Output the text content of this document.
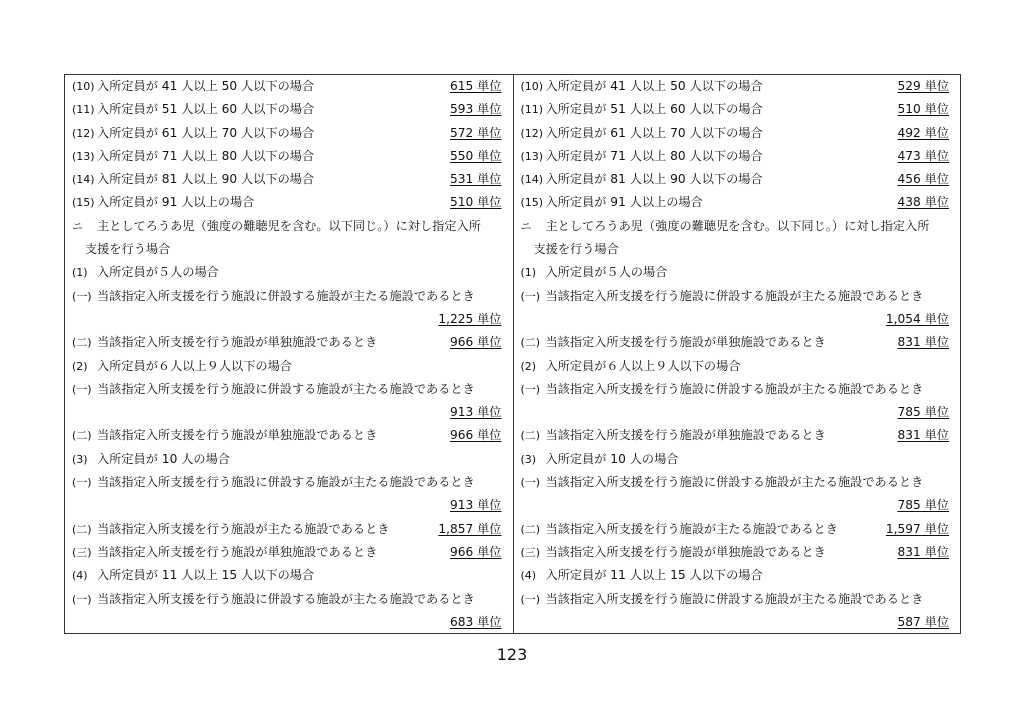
(10) 入所定員が 41 人以上 50 人以下の場合	615 単位
(11) 入所定員が 51 人以上 60 人以下の場合	593 単位
(12) 入所定員が 61 人以上 70 人以下の場合	572 単位
(13) 入所定員が 71 人以上 80 人以下の場合	550 単位
(14) 入所定員が 81 人以上 90 人以下の場合	531 単位
(15) 入所定員が 91 人以上の場合	510 単位
ニ 主としてろうあ児（強度の難聴児を含む。以下同じ。）に対し指定入所
支援を行う場合
(1) 入所定員が５人の場合
(一) 当該指定入所支援を行う施設に併設する施設が主たる施設であるとき
1,225 単位
(二) 当該指定入所支援を行う施設が単独施設であるとき	966 単位
(2) 入所定員が６人以上９人以下の場合
(一) 当該指定入所支援を行う施設に併設する施設が主たる施設であるとき
913 単位
(二) 当該指定入所支援を行う施設が単独施設であるとき	966 単位
(3) 入所定員が 10 人の場合
(一) 当該指定入所支援を行う施設に併設する施設が主たる施設であるとき
913 単位
(二) 当該指定入所支援を行う施設が主たる施設であるとき	1,857 単位
(三) 当該指定入所支援を行う施設が単独施設であるとき	966 単位
(4) 入所定員が 11 人以上 15 人以下の場合
(一) 当該指定入所支援を行う施設に併設する施設が主たる施設であるとき
683 単位
(10) 入所定員が 41 人以上 50 人以下の場合	529 単位
(11) 入所定員が 51 人以上 60 人以下の場合	510 単位
(12) 入所定員が 61 人以上 70 人以下の場合	492 単位
(13) 入所定員が 71 人以上 80 人以下の場合	473 単位
(14) 入所定員が 81 人以上 90 人以下の場合	456 単位
(15) 入所定員が 91 人以上の場合	438 単位
ニ 主としてろうあ児（強度の難聴児を含む。以下同じ。）に対し指定入所
支援を行う場合
(1) 入所定員が５人の場合
(一) 当該指定入所支援を行う施設に併設する施設が主たる施設であるとき
1,054 単位
(二) 当該指定入所支援を行う施設が単独施設であるとき	831 単位
(2) 入所定員が６人以上９人以下の場合
(一) 当該指定入所支援を行う施設に併設する施設が主たる施設であるとき
785 単位
(二) 当該指定入所支援を行う施設が単独施設であるとき	831 単位
(3) 入所定員が 10 人の場合
(一) 当該指定入所支援を行う施設に併設する施設が主たる施設であるとき
785 単位
(二) 当該指定入所支援を行う施設が主たる施設であるとき	1,597 単位
(三) 当該指定入所支援を行う施設が単独施設であるとき	831 単位
(4) 入所定員が 11 人以上 15 人以下の場合
(一) 当該指定入所支援を行う施設に併設する施設が主たる施設であるとき
587 単位
123
